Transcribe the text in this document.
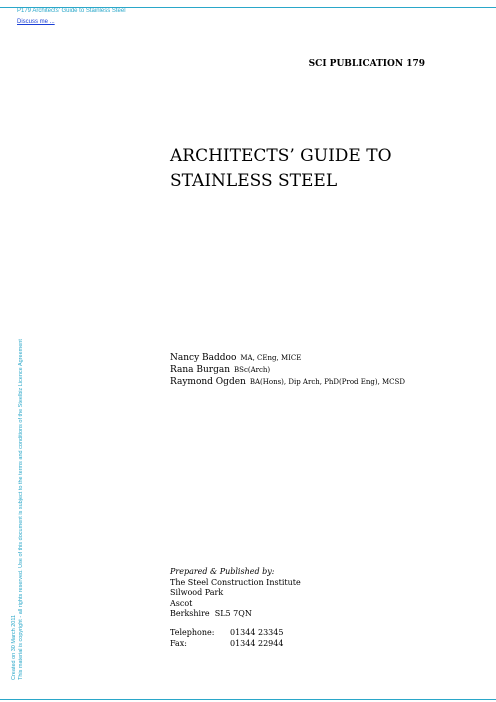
P179 Architects' Guide to Stainless Steel
Discuss me ...
Created on 30 March 2011 This material is copyright - all rights reserved. Use of this document is subject to the terms and conditions of the Steelbiz Licence Agreement
SCI PUBLICATION 179
ARCHITECTS’ GUIDE TO
STAINLESS STEEL
Nancy Baddoo MA, CEng, MICE
Rana Burgan BSc(Arch)
Raymond Ogden BA(Hons), Dip Arch, PhD(Prod Eng), MCSD
Prepared & Published by:
The Steel Construction Institute
Silwood Park
Ascot
Berkshire  SL5 7QN
Telephone:	01344 23345
Fax:	01344 22944
